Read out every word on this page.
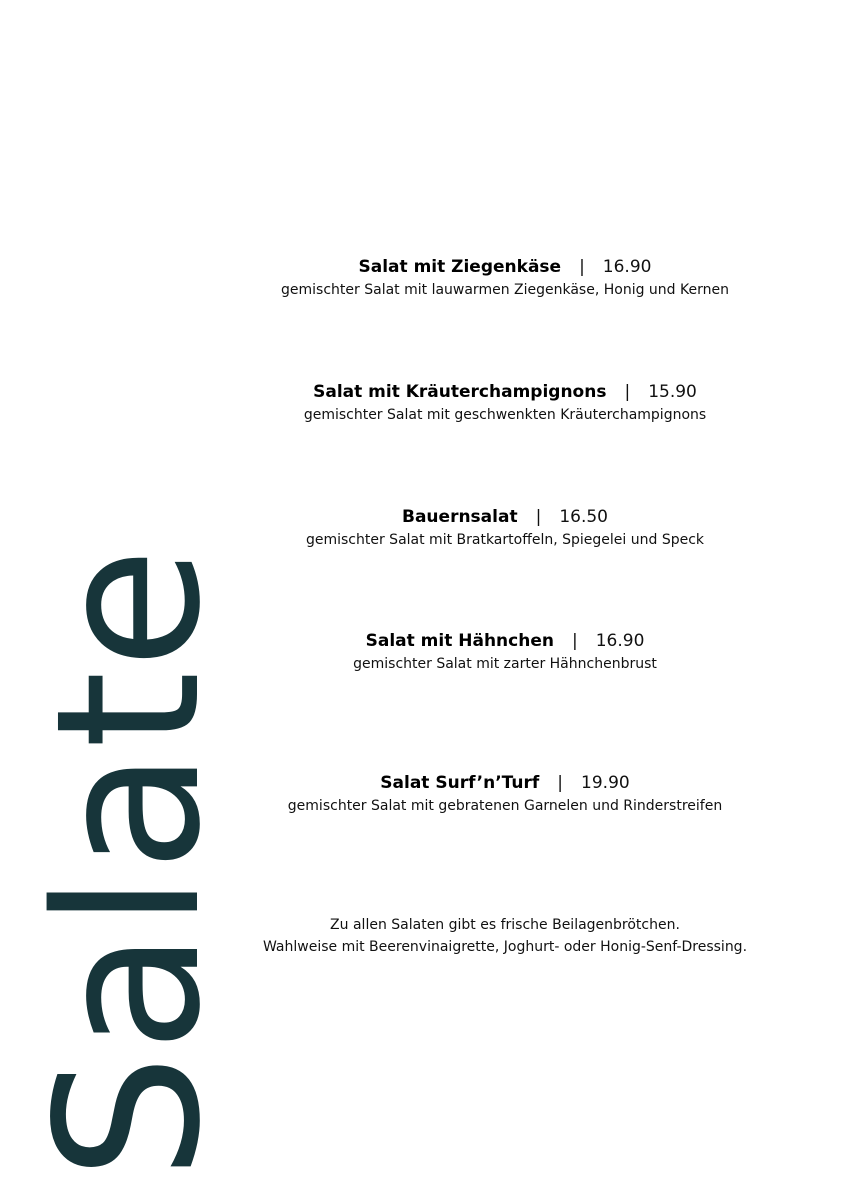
Salate
Salat mit Ziegenkäse | 16.90
gemischter Salat mit lauwarmen Ziegenkäse, Honig und Kernen
Salat mit Kräuterchampignons | 15.90
gemischter Salat mit geschwenkten Kräuterchampignons
Bauernsalat | 16.50
gemischter Salat mit Bratkartoffeln, Spiegelei und Speck
Salat mit Hähnchen | 16.90
gemischter Salat mit zarter Hähnchenbrust
Salat Surf’n’Turf | 19.90
gemischter Salat mit gebratenen Garnelen und Rinderstreifen
Zu allen Salaten gibt es frische Beilagenbrötchen.
Wahlweise mit Beerenvinaigrette, Joghurt- oder Honig-Senf-Dressing.
